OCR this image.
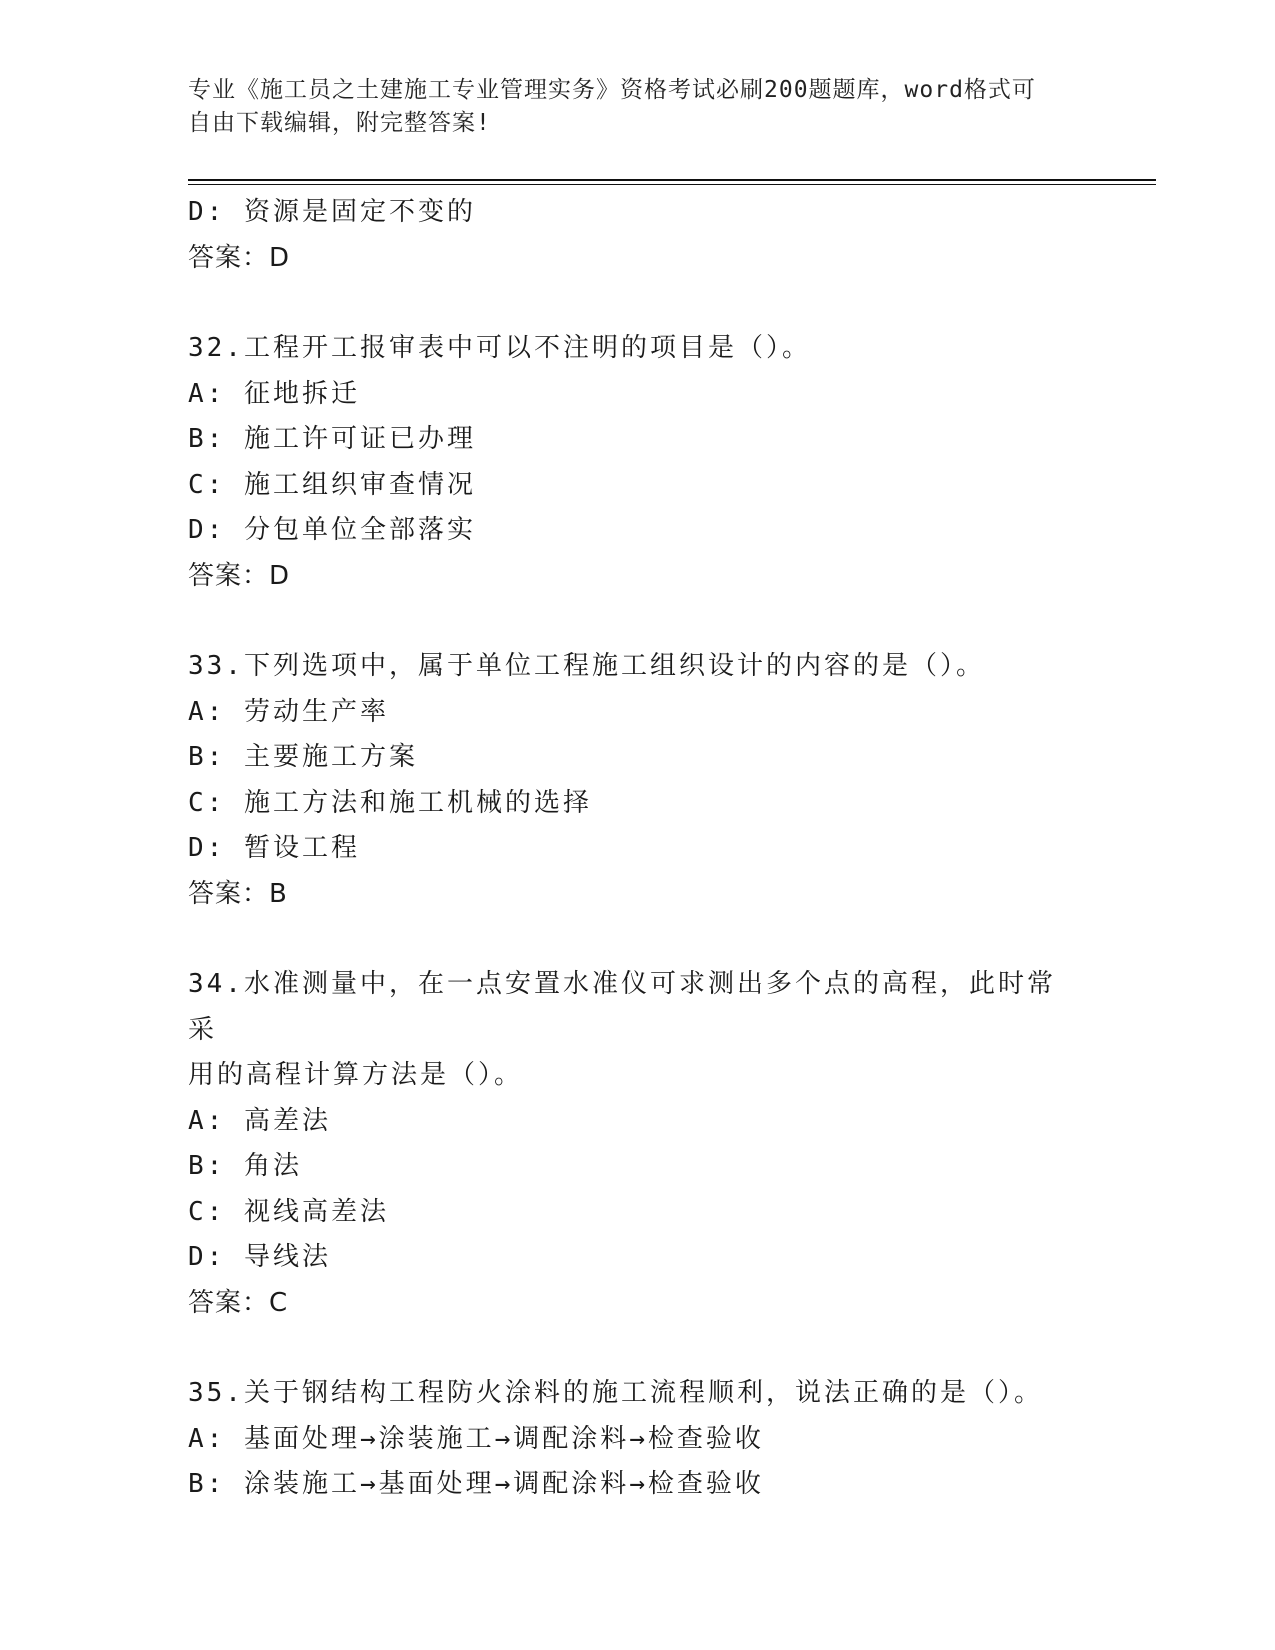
专业《施工员之土建施工专业管理实务》资格考试必刷200题题库，word格式可
自由下载编辑，附完整答案!
D: 资源是固定不变的
答案：D
32.工程开工报审表中可以不注明的项目是（）。
A: 征地拆迁
B: 施工许可证已办理
C: 施工组织审查情况
D: 分包单位全部落实
答案：D
33.下列选项中，属于单位工程施工组织设计的内容的是（）。
A: 劳动生产率
B: 主要施工方案
C: 施工方法和施工机械的选择
D: 暂设工程
答案：B
34.水准测量中，在一点安置水准仪可求测出多个点的高程，此时常采
用的高程计算方法是（）。
A: 高差法
B: 角法
C: 视线高差法
D: 导线法
答案：C
35.关于钢结构工程防火涂料的施工流程顺利，说法正确的是（）。
A: 基面处理→涂装施工→调配涂料→检查验收
B: 涂装施工→基面处理→调配涂料→检查验收
